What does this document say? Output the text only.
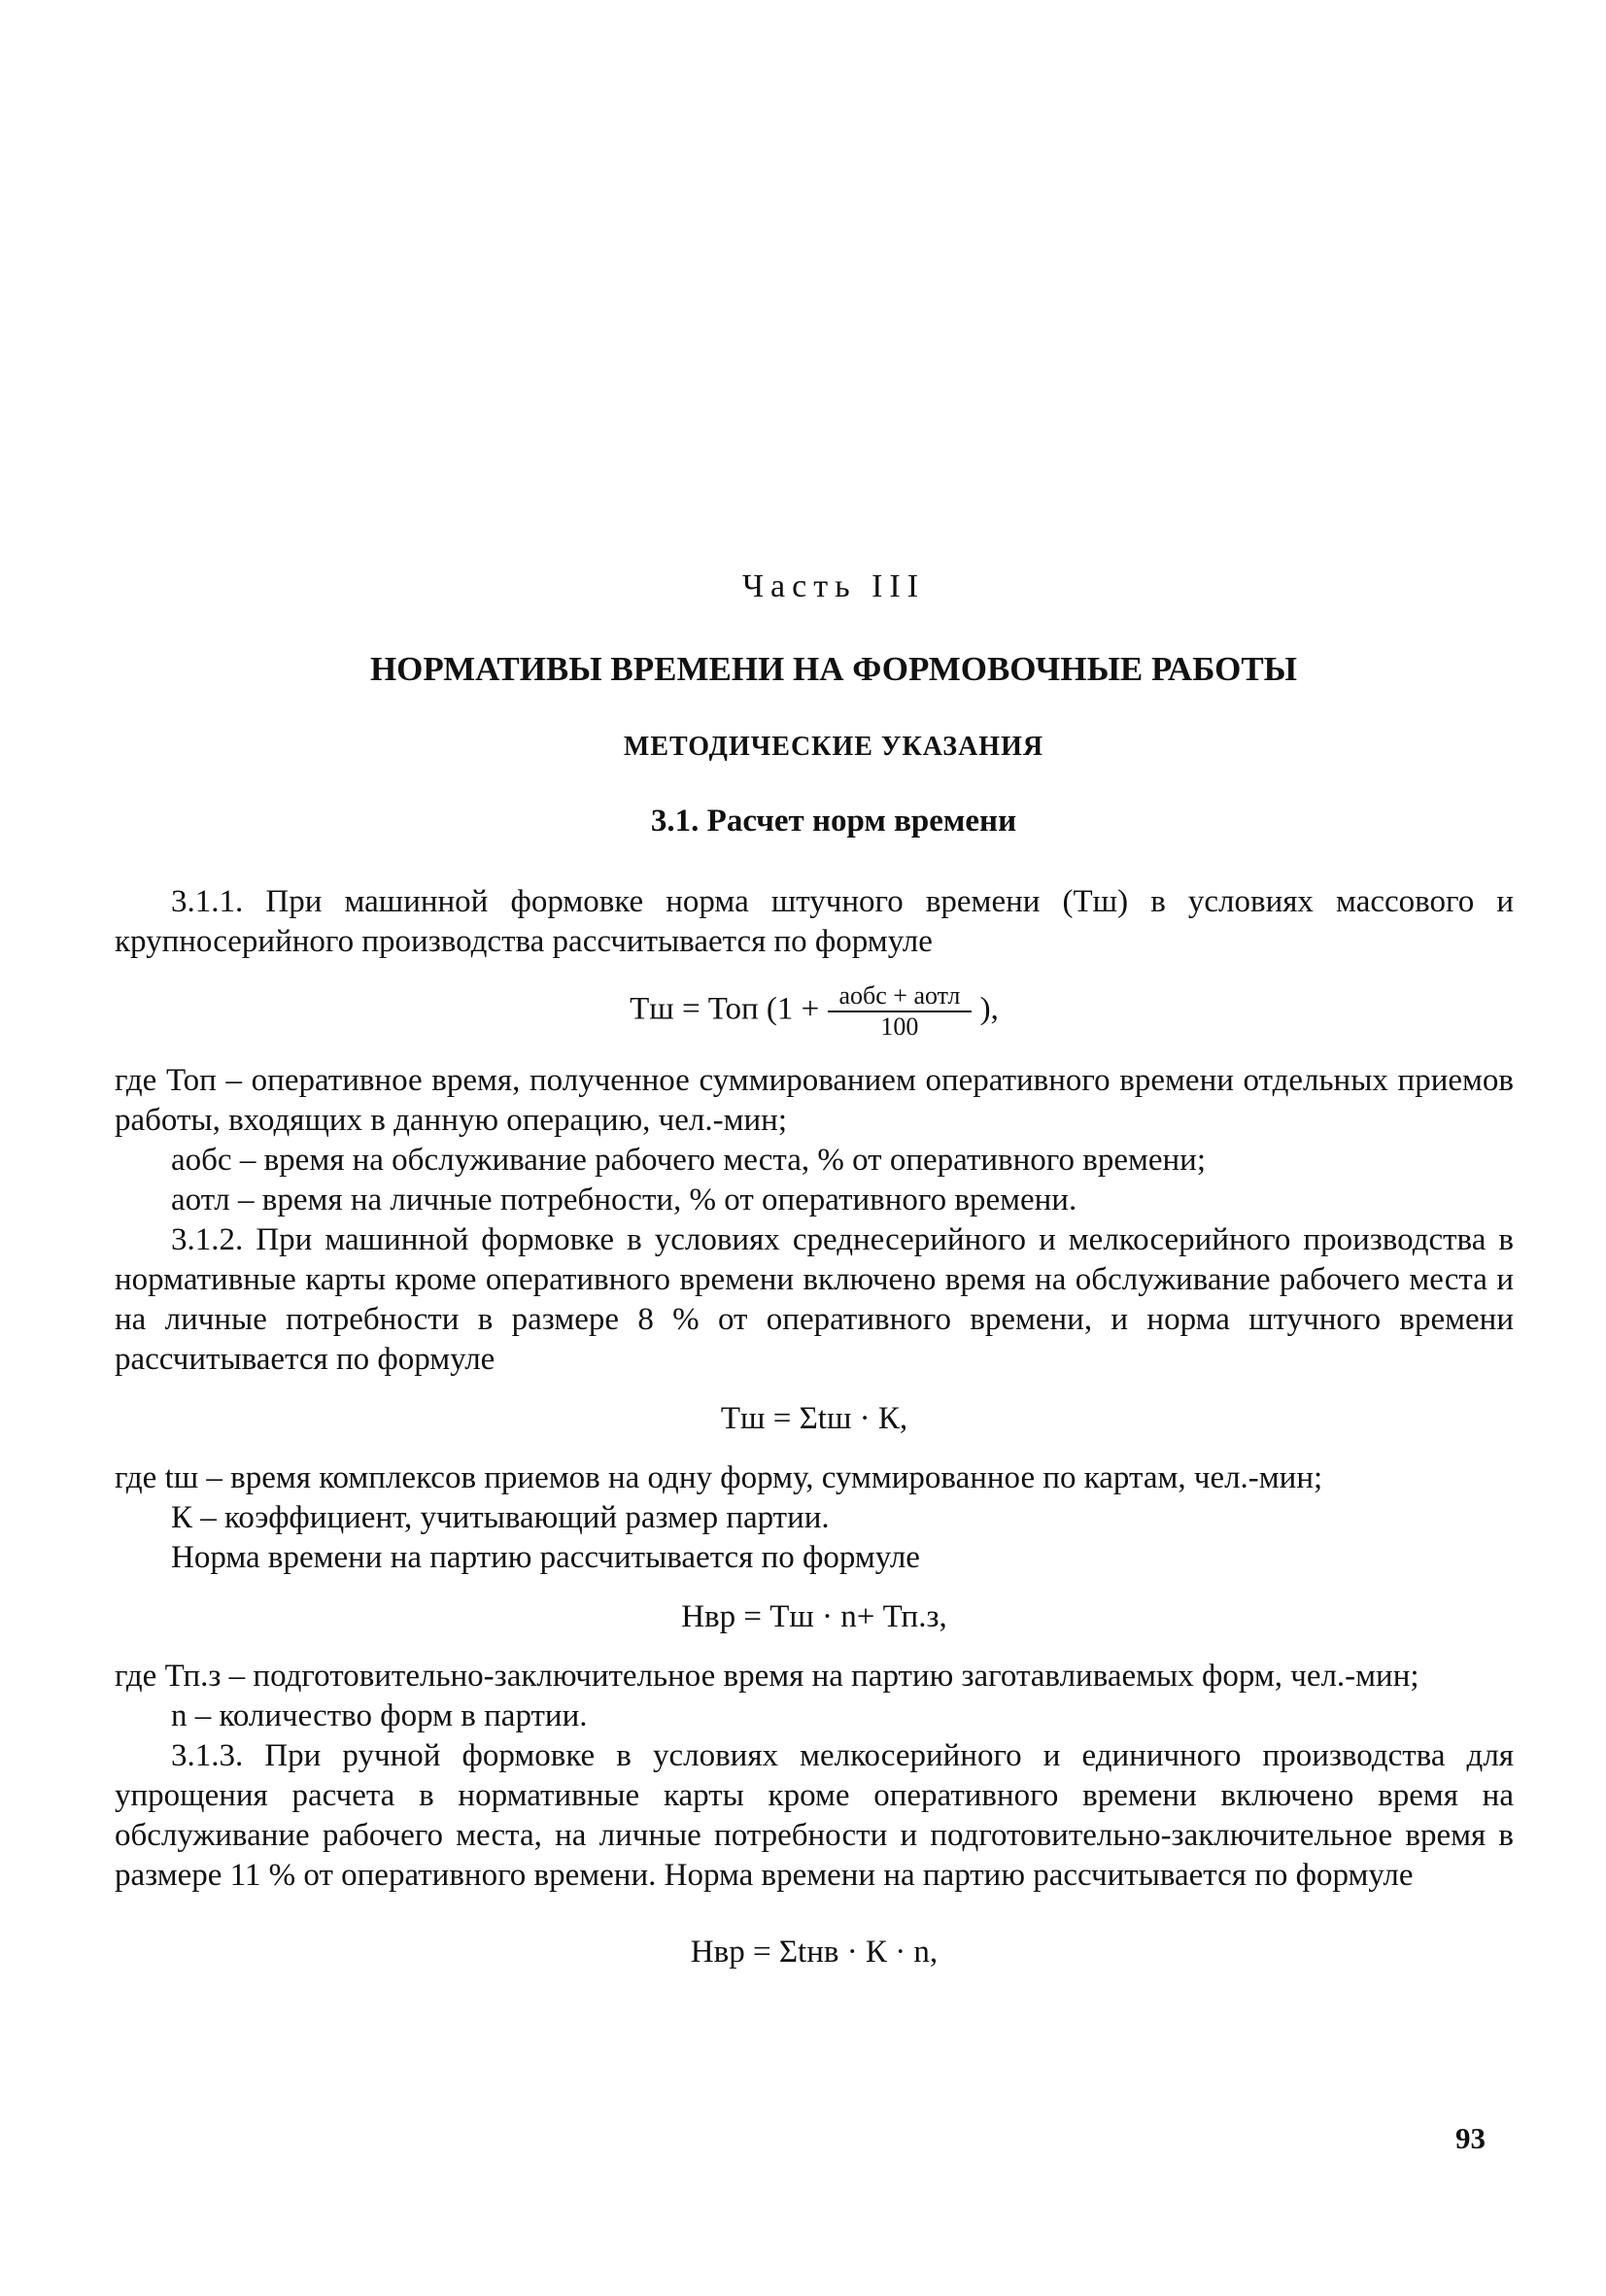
Часть III
НОРМАТИВЫ ВРЕМЕНИ НА ФОРМОВОЧНЫЕ РАБОТЫ
МЕТОДИЧЕСКИЕ УКАЗАНИЯ
3.1. Расчет норм времени

3.1.1. При машинной формовке норма штучного времени (Тш) в условиях массового и крупносерийного производства рассчитывается по формуле

Тш = Топ ($1 + \frac{\text{аобс + аотл}}{100}$ ),

где Топ – оперативное время, полученное суммированием оперативного времени отдельных приемов работы, входящих в данную операцию, чел.-мин;

аобс – время на обслуживание рабочего места, % от оперативного времени;

аотл – время на личные потребности, % от оперативного времени.

3.1.2. При машинной формовке в условиях среднесерийного и мелкосерийного производства в нормативные карты кроме оперативного времени включено время на обслуживание рабочего места и на личные потребности в размере 8 % от оперативного времени, и норма штучного времени рассчитывается по формуле

Тш = Σtш · К,

где tш – время комплексов приемов на одну форму, суммированное по картам, чел.-мин;

К – коэффициент, учитывающий размер партии.

Норма времени на партию рассчитывается по формуле

Нвр = Тш · n+ Тп.з,

где Тп.з – подготовительно-заключительное время на партию заготавливаемых форм, чел.-мин;

n – количество форм в партии.

3.1.3. При ручной формовке в условиях мелкосерийного и единичного производства для упрощения расчета в нормативные карты кроме оперативного времени включено время на обслуживание рабочего места, на личные потребности и подготовительно-заключительное время в размере 11 % от оперативного времени. Норма времени на партию рассчитывается по формуле

Нвр = Σtнв · К · n,
93
